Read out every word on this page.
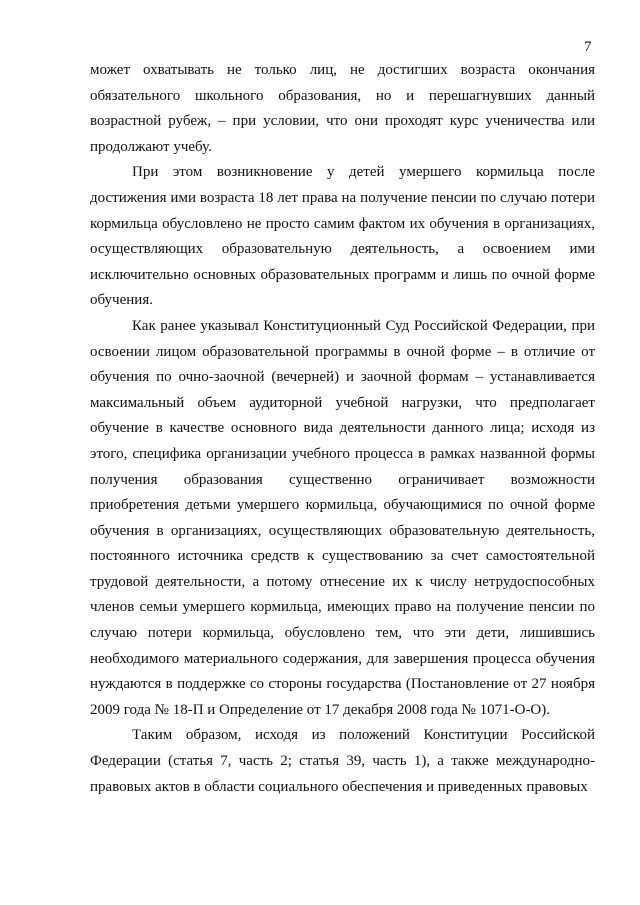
7

может охватывать не только лиц, не достигших возраста окончания обязательного школьного образования, но и перешагнувших данный возрастной рубеж, – при условии, что они проходят курс ученичества или продолжают учебу.

При этом возникновение у детей умершего кормильца после достижения ими возраста 18 лет права на получение пенсии по случаю потери кормильца обусловлено не просто самим фактом их обучения в организациях, осуществляющих образовательную деятельность, а освоением ими исключительно основных образовательных программ и лишь по очной форме обучения.

Как ранее указывал Конституционный Суд Российской Федерации, при освоении лицом образовательной программы в очной форме – в отличие от обучения по очно-заочной (вечерней) и заочной формам – устанавливается максимальный объем аудиторной учебной нагрузки, что предполагает обучение в качестве основного вида деятельности данного лица; исходя из этого, специфика организации учебного процесса в рамках названной формы получения образования существенно ограничивает возможности приобретения детьми умершего кормильца, обучающимися по очной форме обучения в организациях, осуществляющих образовательную деятельность, постоянного источника средств к существованию за счет самостоятельной трудовой деятельности, а потому отнесение их к числу нетрудоспособных членов семьи умершего кормильца, имеющих право на получение пенсии по случаю потери кормильца, обусловлено тем, что эти дети, лишившись необходимого материального содержания, для завершения процесса обучения нуждаются в поддержке со стороны государства (Постановление от 27 ноября 2009 года № 18-П и Определение от 17 декабря 2008 года № 1071-О-О).

Таким образом, исходя из положений Конституции Российской Федерации (статья 7, часть 2; статья 39, часть 1), а также международно-правовых актов в области социального обеспечения и приведенных правовых
